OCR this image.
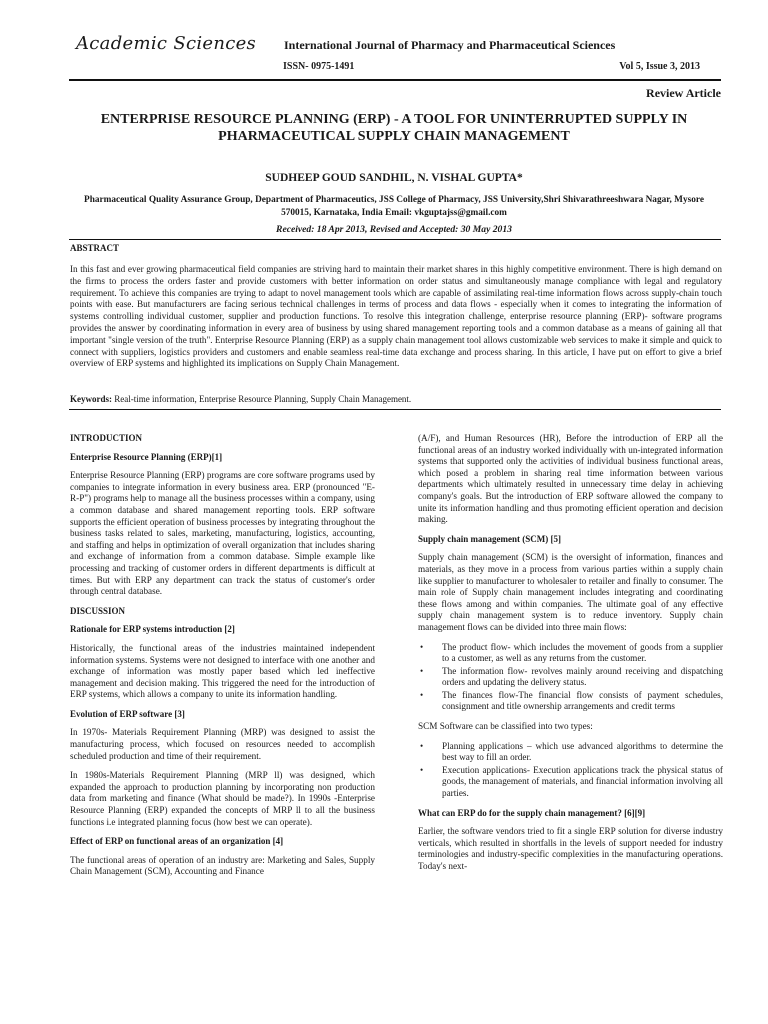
Academic Sciences International Journal of Pharmacy and Pharmaceutical Sciences
ISSN- 0975-1491	Vol 5, Issue 3, 2013
Review Article
ENTERPRISE RESOURCE PLANNING (ERP) - A TOOL FOR UNINTERRUPTED SUPPLY IN PHARMACEUTICAL SUPPLY CHAIN MANAGEMENT
SUDHEEP GOUD SANDHIL, N. VISHAL GUPTA*
Pharmaceutical Quality Assurance Group, Department of Pharmaceutics, JSS College of Pharmacy, JSS University,Shri Shivarathreeshwara Nagar, Mysore 570015, Karnataka, India Email: vkguptajss@gmail.com
Received: 18 Apr 2013, Revised and Accepted: 30 May 2013
ABSTRACT
In this fast and ever growing pharmaceutical field companies are striving hard to maintain their market shares in this highly competitive environment. There is high demand on the firms to process the orders faster and provide customers with better information on order status and simultaneously manage compliance with legal and regulatory requirement. To achieve this companies are trying to adapt to novel management tools which are capable of assimilating real-time information flows across supply-chain touch points with ease. But manufacturers are facing serious technical challenges in terms of process and data flows - especially when it comes to integrating the information of systems controlling individual customer, supplier and production functions. To resolve this integration challenge, enterprise resource planning (ERP)- software programs provides the answer by coordinating information in every area of business by using shared management reporting tools and a common database as a means of gaining all that important "single version of the truth". Enterprise Resource Planning (ERP) as a supply chain management tool allows customizable web services to make it simple and quick to connect with suppliers, logistics providers and customers and enable seamless real-time data exchange and process sharing. In this article, I have put on effort to give a brief overview of ERP systems and highlighted its implications on Supply Chain Management.
Keywords: Real-time information, Enterprise Resource Planning, Supply Chain Management.
INTRODUCTION
Enterprise Resource Planning (ERP)[1]

Enterprise Resource Planning (ERP) programs are core software programs used by companies to integrate information in every business area. ERP (pronounced "E-R-P") programs help to manage all the business processes within a company, using a common database and shared management reporting tools. ERP software supports the efficient operation of business processes by integrating throughout the business tasks related to sales, marketing, manufacturing, logistics, accounting, and staffing and helps in optimization of overall organization that includes sharing and exchange of information from a common database. Simple example like processing and tracking of customer orders in different departments is difficult at times. But with ERP any department can track the status of customer's order through central database.

DISCUSSION
Rationale for ERP systems introduction [2]

Historically, the functional areas of the industries maintained independent information systems. Systems were not designed to interface with one another and exchange of information was mostly paper based which led ineffective management and decision making. This triggered the need for the introduction of ERP systems, which allows a company to unite its information handling.

Evolution of ERP software [3]

In 1970s- Materials Requirement Planning (MRP) was designed to assist the manufacturing process, which focused on resources needed to accomplish scheduled production and time of their requirement.

In 1980s-Materials Requirement Planning (MRP ll) was designed, which expanded the approach to production planning by incorporating non production data from marketing and finance (What should be made?). In 1990s -Enterprise Resource Planning (ERP) expanded the concepts of MRP ll to all the business functions i.e integrated planning focus (how best we can operate).

Effect of ERP on functional areas of an organization [4]

The functional areas of operation of an industry are: Marketing and Sales, Supply Chain Management (SCM), Accounting and Finance

(A/F), and Human Resources (HR), Before the introduction of ERP all the functional areas of an industry worked individually with un-integrated information systems that supported only the activities of individual business functional areas, which posed a problem in sharing real time information between various departments which ultimately resulted in unnecessary time delay in achieving company's goals. But the introduction of ERP software allowed the company to unite its information handling and thus promoting efficient operation and decision making.

Supply chain management (SCM) [5]

Supply chain management (SCM) is the oversight of information, finances and materials, as they move in a process from various parties within a supply chain like supplier to manufacturer to wholesaler to retailer and finally to consumer. The main role of Supply chain management includes integrating and coordinating these flows among and within companies. The ultimate goal of any effective supply chain management system is to reduce inventory. Supply chain management flows can be divided into three main flows:

• The product flow- which includes the movement of goods from a supplier to a customer, as well as any returns from the customer.
• The information flow- revolves mainly around receiving and dispatching orders and updating the delivery status.
• The finances flow-The financial flow consists of payment schedules, consignment and title ownership arrangements and credit terms

SCM Software can be classified into two types:

• Planning applications – which use advanced algorithms to determine the best way to fill an order.
• Execution applications- Execution applications track the physical status of goods, the management of materials, and financial information involving all parties.
What can ERP do for the supply chain management? [6][9]

Earlier, the software vendors tried to fit a single ERP solution for diverse industry verticals, which resulted in shortfalls in the levels of support needed for industry terminologies and industry-specific complexities in the manufacturing operations. Today's next-
